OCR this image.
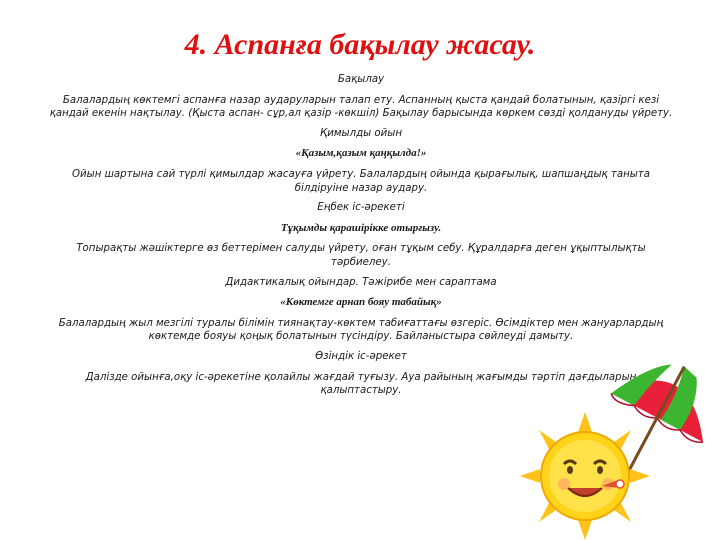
4. Аспанға бақылау жасау.

Бақылау

Балалардың көктемгі аспанға назар аударуларын талап ету. Аспанның қыста қандай болатынын, қазіргі кезі қандай екенін нақтылау. (Қыста аспан- сұр,ал қазір -көкшіл) Бақылау барысында көркем сөзді қолдануды үйрету.

Қимылды ойын

«Қазым,қазым қаңқылда!»

Ойын шартына сай түрлі қимылдар жасауға үйрету. Балалардың ойында қырағылық, шапшаңдық танытa білдіруіне назар аудару.

Еңбек іс-әрекеті

Тұқымды қарашірікке отырғызу.

Топырақты жәшіктерге өз беттерімен салуды үйрету, оған тұқым себу. Құралдарға деген ұқыптылықты тәрбиелеу.

Дидактикалық ойындар. Тәжірибе мен сараптама

«Көктемге арнап бояу табайық»

Балалардың жыл мезгілі туралы білімін тиянақтау-көктем табиғаттағы өзгеріс. Өсімдіктер мен жануарлардың көктемде бояуы қоңық болатынын түсіндіру. Байланыстыра сөйлеуді дамыту.

Өзіндік іс-әрекет

Далізде ойынға,оқу іс-әрекетіне қолайлы жағдай туғызу. Ауа райының жағымды тәртіп дағдыларын қалыптастыру.
